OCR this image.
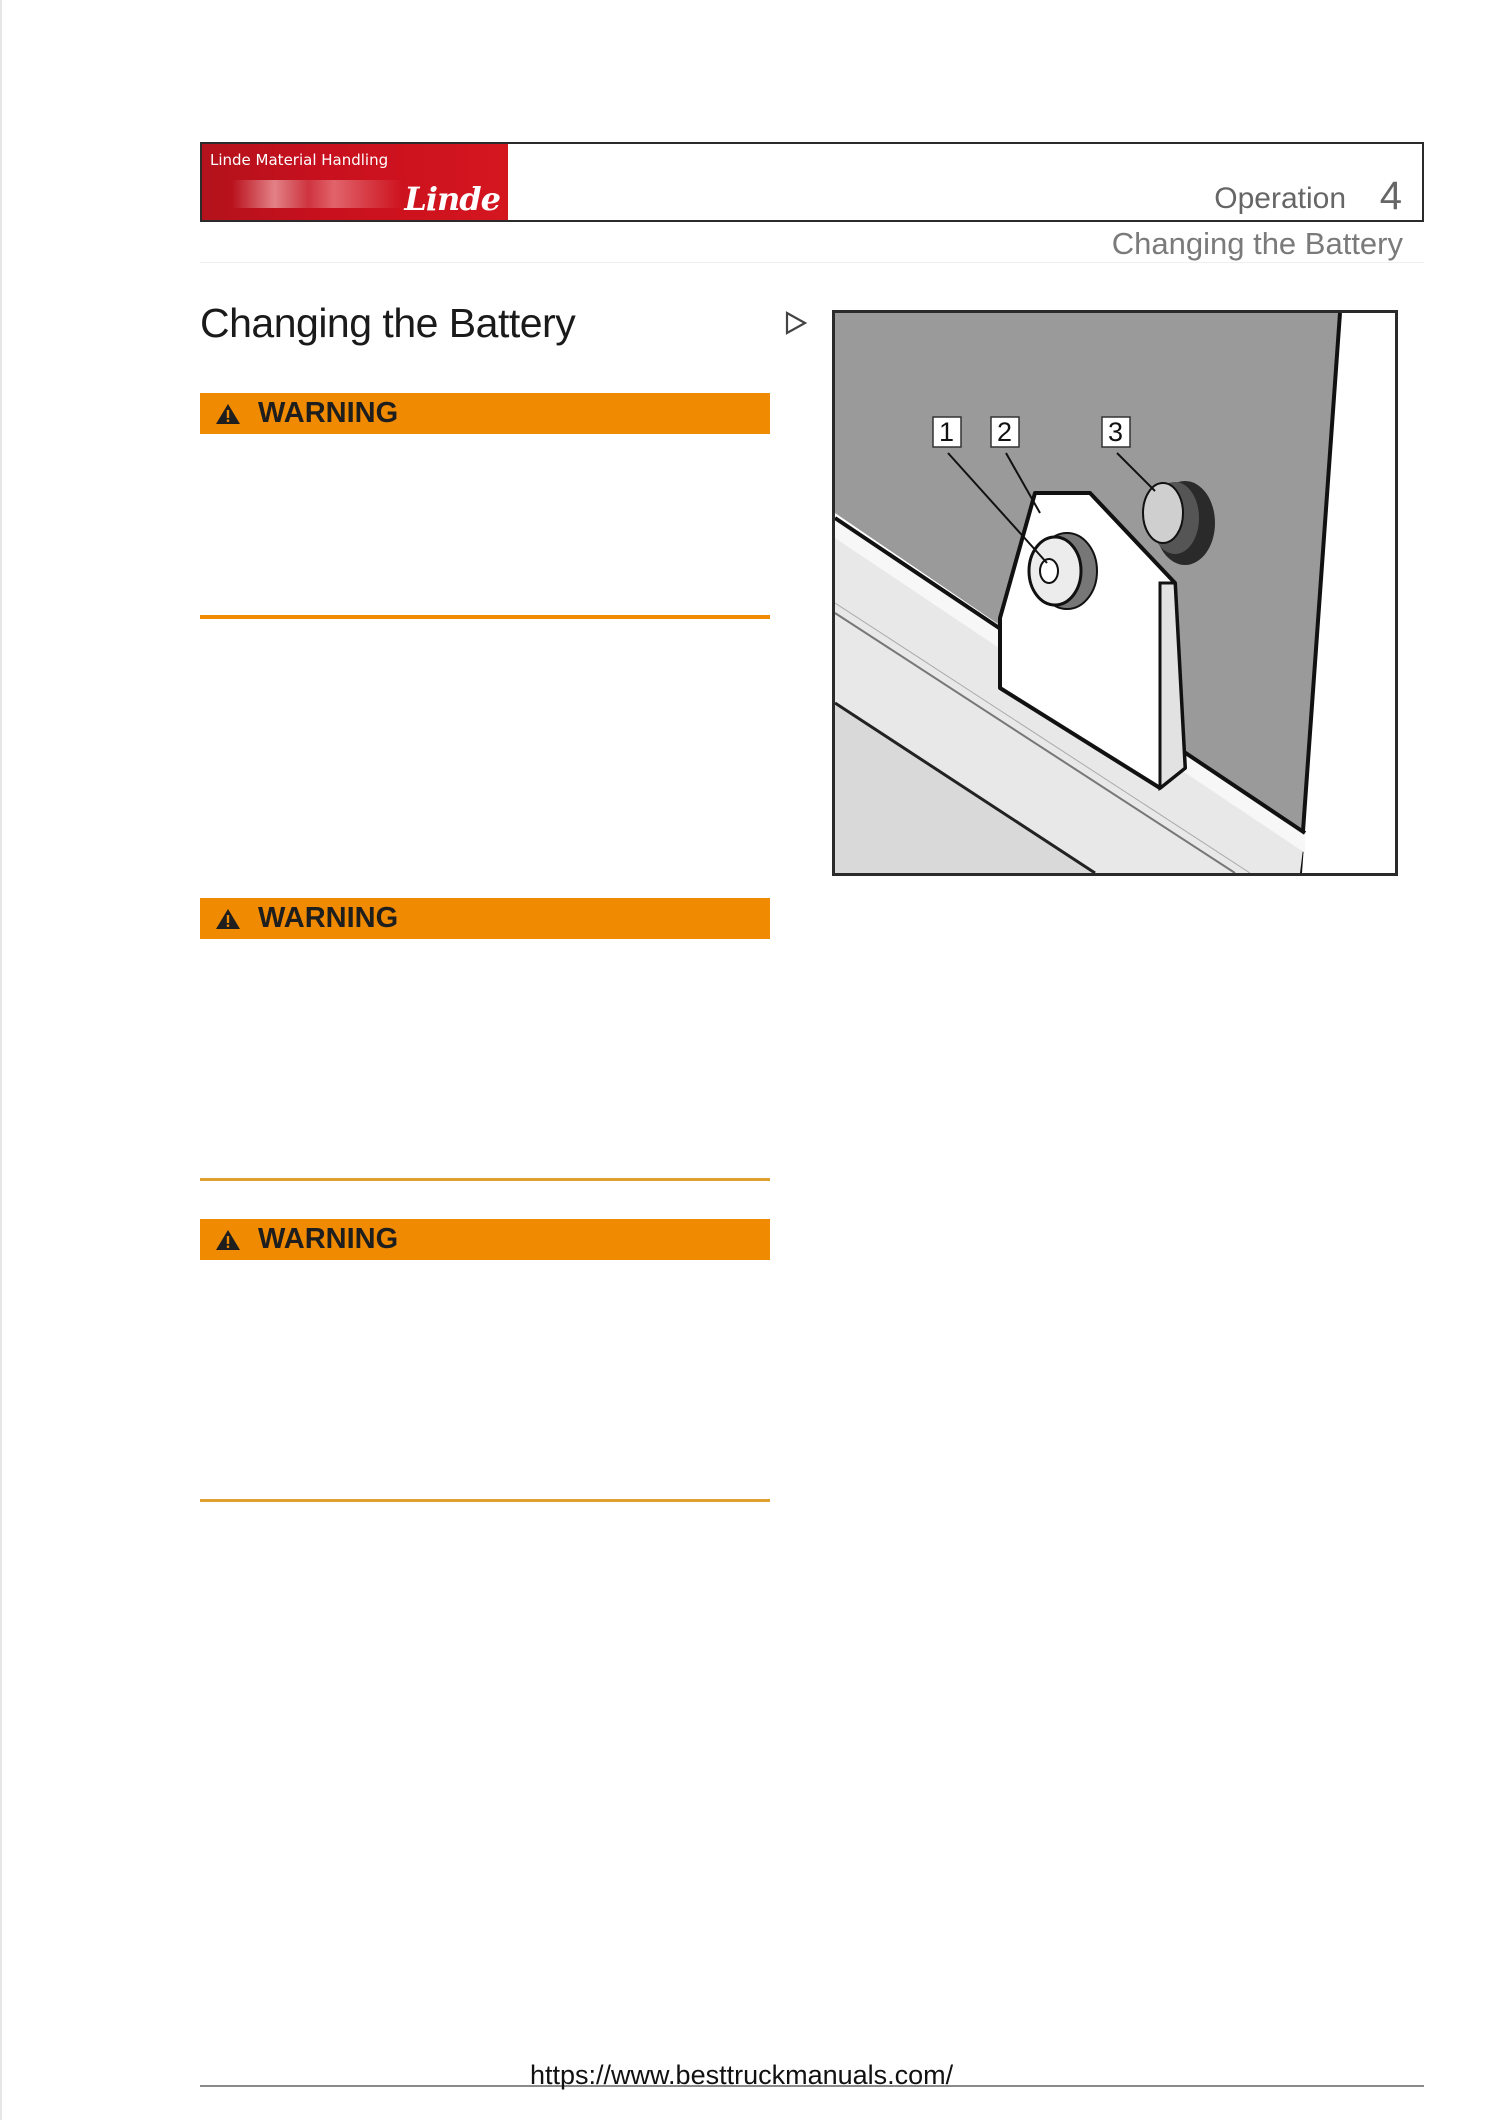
Linde Material Handling
Linde	Operation 4
Changing the Battery
Changing the Battery
WARNING
WARNING
WARNING
1 2	3
https://www.besttruckmanuals.com/
